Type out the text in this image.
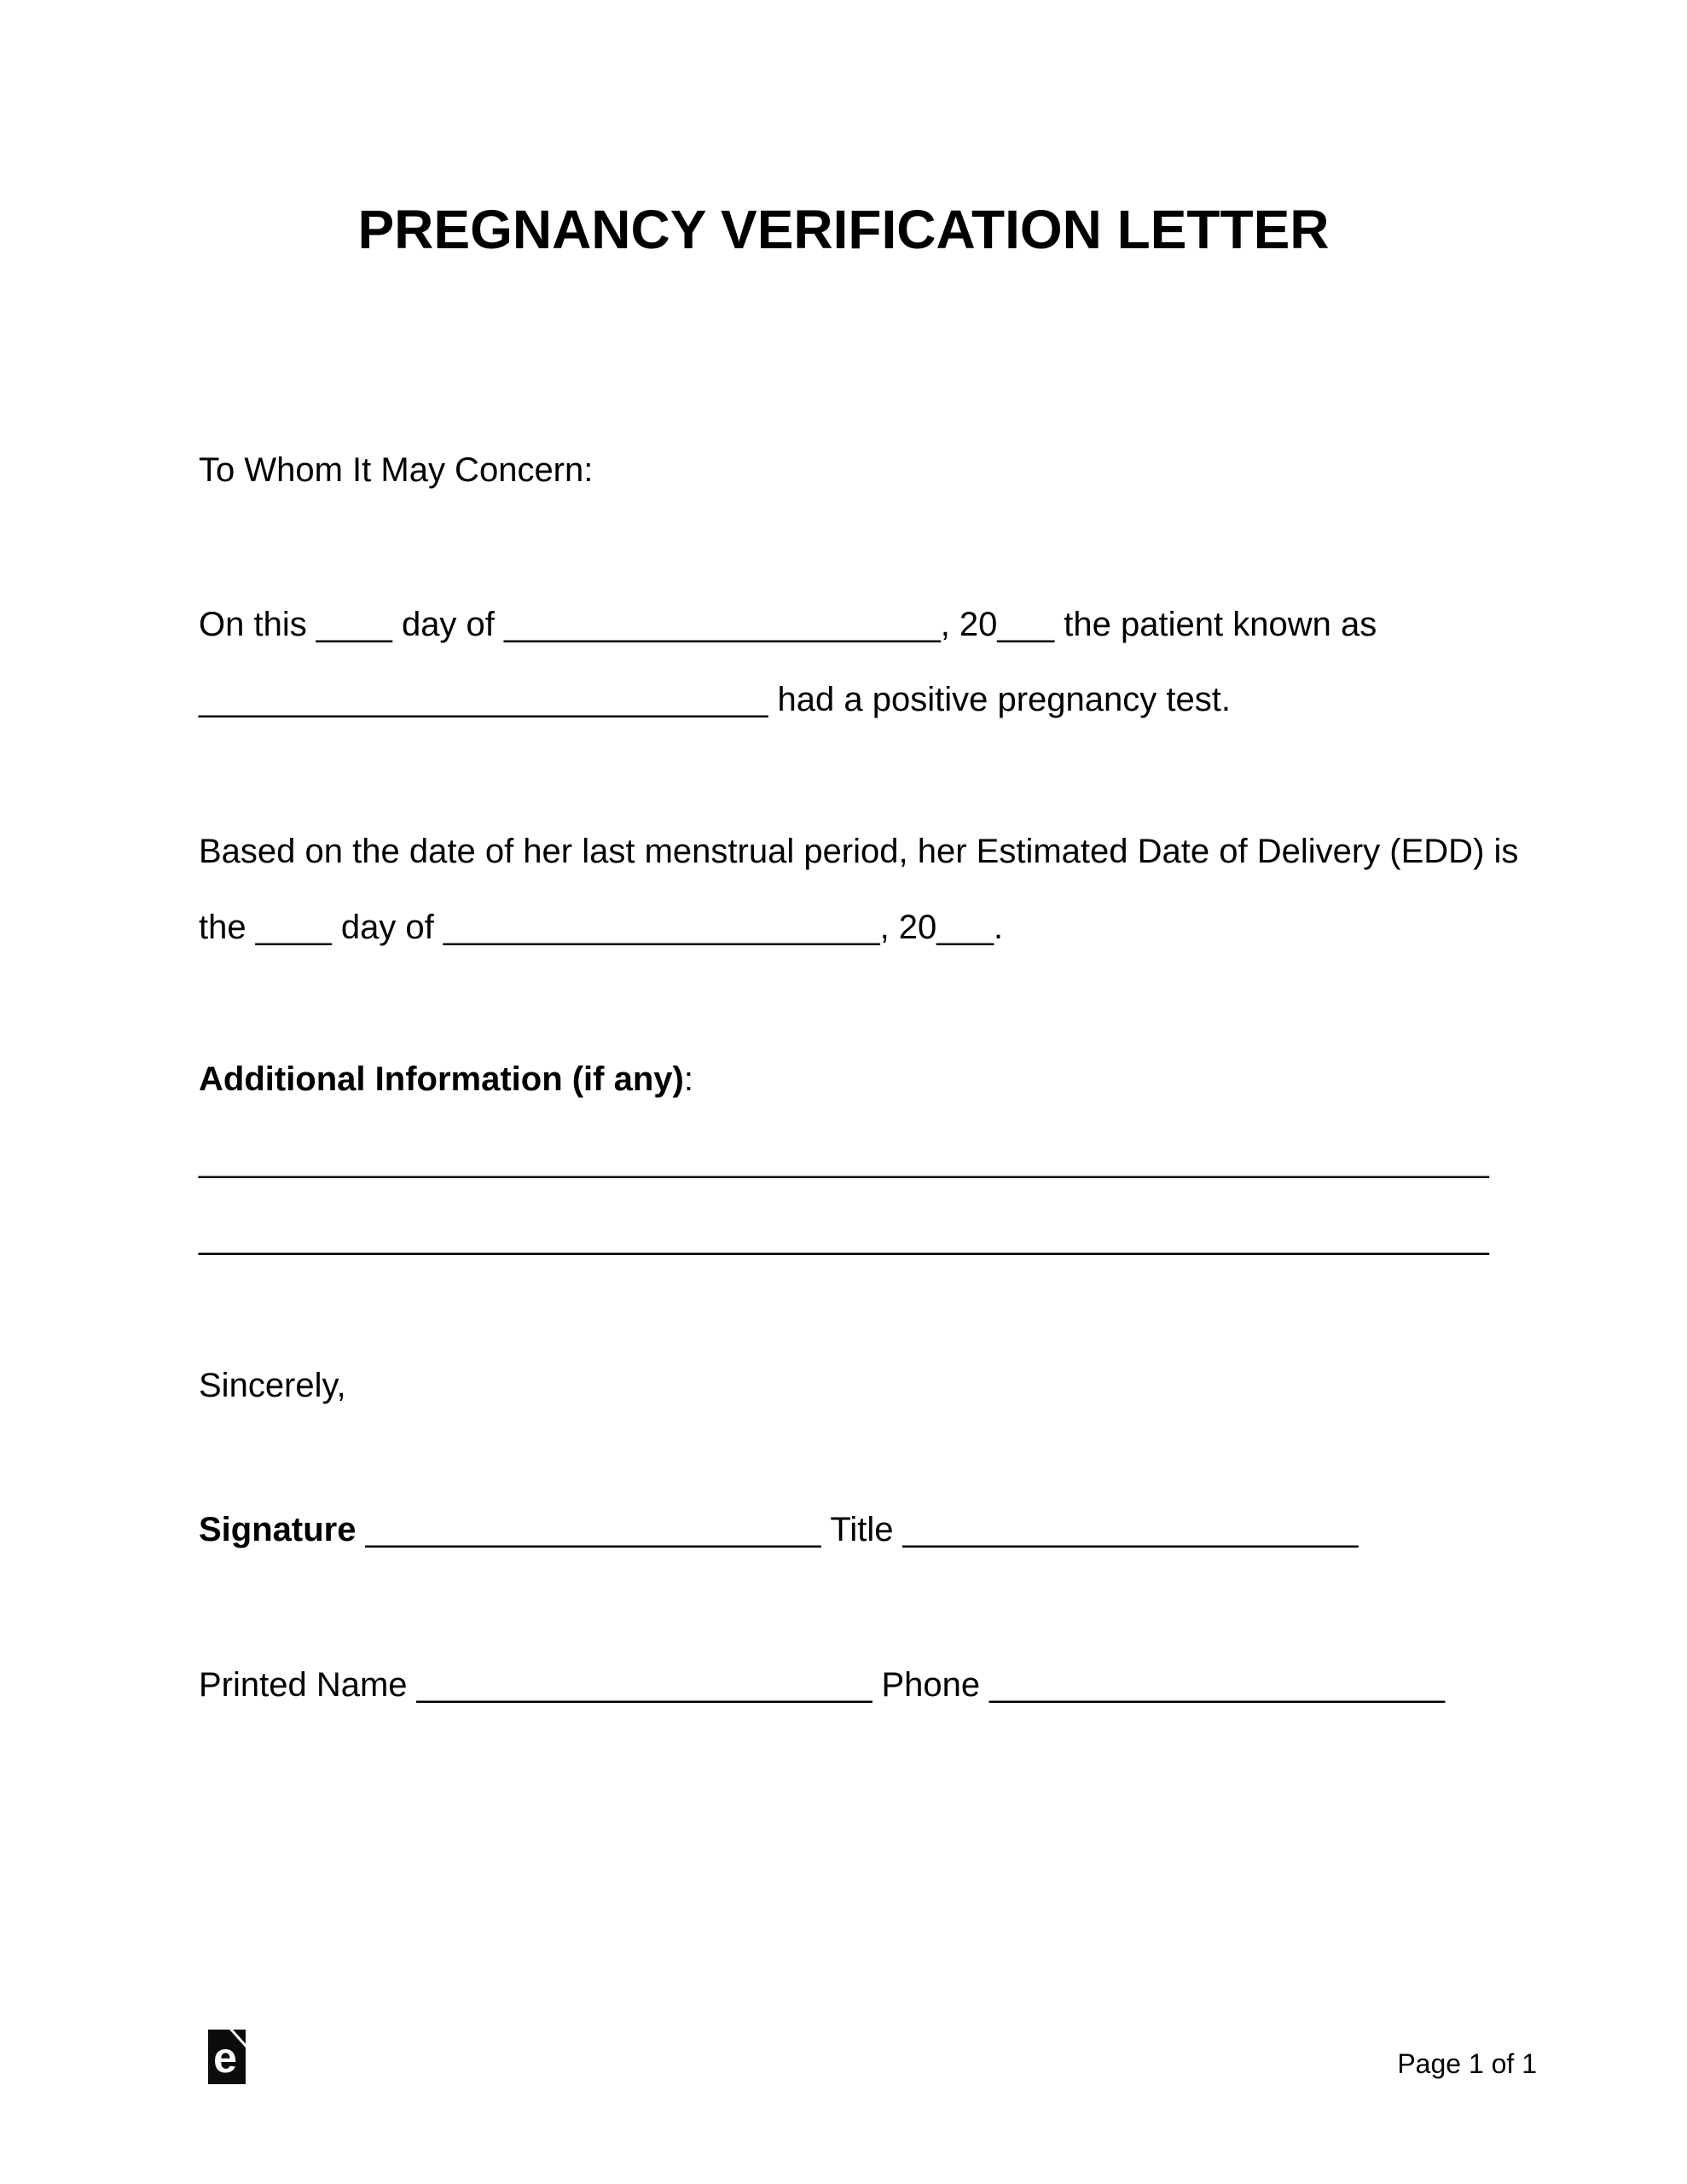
PREGNANCY VERIFICATION LETTER
To Whom It May Concern:
On this ____ day of _______________________, 20___ the patient known as
______________________________ had a positive pregnancy test.
Based on the date of her last menstrual period, her Estimated Date of Delivery (EDD) is
the ____ day of _______________________, 20___.
Additional Information (if any):
____________________________________________________________________
____________________________________________________________________
Sincerely,
Signature ________________________ Title ________________________
Printed Name ________________________ Phone ________________________
e	Page 1 of 1
